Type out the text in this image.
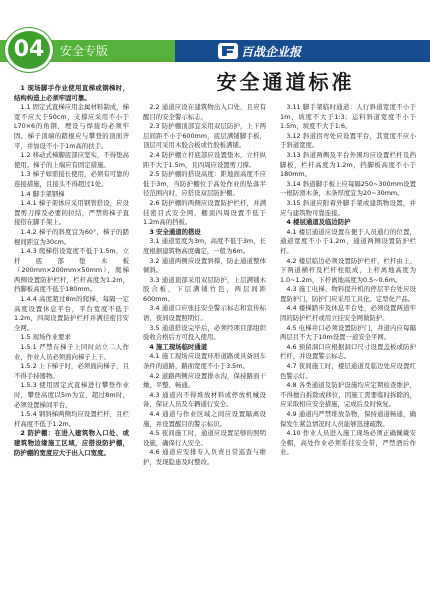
安全专版
04	百战企业报
安全通道标准

1 现场脚手作业使用直梯或钢梯时，结构构造上必须牢固可靠。

1.1 固定式直梯应用金属材料制成，梯宽不应大于50cm，支撑应采用不小于L70×6的角钢，埋设与焊接均必须牢固。梯子顶端的踏棍应与攀登的顶面齐平，并加设不小于1m高的扶手。

1.2 移动式梯脚底部应坚实，不得垫高使用。梯子的上端应有固定措施。

1.3 梯子如需接长使用，必须有可靠的连接措施，且接头不得超过1处。

1.4 脚手架钢梯

1.4.1 梯子架体应采用钢管搭设，应设置剪刀撑及必要的拉结，严禁将梯子直接搭在脚手架上。

1.4.2 梯子的斜度宜为60°，梯子的踏棍间距宜为30cm。

1.4.3 爬梯搭设宽度不低于1.5m，立杆底部垫木板（200mm×200mm×50mm），爬梯两侧设置防护栏杆，栏杆高度为1.2m，挡脚板高度不低于180mm。

1.4.4 高度超过8m的爬梯，每隔一定高度设置休息平台，平台宽度不低于1.2m，四周设置防护栏杆并满挂密目安全网。

1.5 现场作业要求

1.5.1 严禁在梯子上同时站立二人作业，作业人员必须面向梯子上下。

1.5.2 上下梯子时，必须面向梯子，且不得手持器物。

1.5.3 使用固定式直梯进行攀登作业时，攀登高度以5m为宜，超过8m时，必须设置梯间平台。

1.5.4 钢斜梯两侧均应设置栏杆，且栏杆高度不低于1.2m。

2 防护棚：在进入建筑物入口处、或建筑物边缘施工区域，应搭设防护棚，防护棚的宽度应大于出入口宽度。

2.2 通道应设在建筑物出入口处，且应有醒目的安全警示标志。

2.3 防护棚顶部宜采用双层防护，上下两层间距不小于600mm，底层满铺脚手板，顶层可采用木胶合板或竹胶板满铺。

2.4 防护棚立杆底部应设置垫木，立杆纵距不大于1.5m，且四周应设置剪刀撑。

2.5 防护棚的搭设高度：距地面高度不应低于3m，当防护棚位于高处作业的坠落半径范围内时，应搭设双层防护棚。

2.6 防护棚的两侧应设置防护栏杆，并满挂密目式安全网，棚顶四周设置不低于1.2m高的挡板。

3 安全通道的搭设

3.1 通道宽度为3m，高度不低于3m，长度根据建筑物高度确定，一般为6m。

3.2 通道两侧应设置斜撑，防止通道整体倾斜。

3.3 通道顶部采用双层防护，上层满铺木胶合板，下层满铺竹笆，两层间距600mm。

3.4 通道口应张挂安全警示标志和宣传标语，夜间设置照明灯。

3.5 通道搭设完毕后，必须经项目部组织验收合格后方可投入使用。

4 施工现场临时通道

4.1 施工现场应设置环形道路或具备回车条件的道路，路面宽度不小于3.5m。

4.2 道路两侧应设置排水沟，保持路面干燥、平整、畅通。

4.3 通道内不得堆放材料或停放机械设备，保证人员及车辆通行安全。

4.4 通道与作业区域之间应设置隔离设施，并设置醒目的警示标识。

4.5 夜间施工时，通道应设置足够的照明设施，确保行人安全。

4.6 通道应安排专人负责日常巡查与维护，发现隐患及时整改。

3.11 脚手架临时通道：人行斜道宽度不小于1m，坡度不大于1:3；运料斜道宽度不小于1.5m，坡度不大于1:6。

3.12 斜道拐弯处应设置平台，其宽度不应小于斜道宽度。

3.13 斜道两侧及平台外围均应设置栏杆及挡脚板，栏杆高度为1.2m，挡脚板高度不小于180mm。

3.14 斜道脚手板上应每隔250~300mm设置一根防滑木条，木条厚度宜为20~30mm。

3.15 斜道应附着外脚手架或建筑物设置，并应与建筑物可靠连接。

4 楼层通道及临边防护

4.1 楼层通道应设置在便于人员通行的位置，通道宽度不小于1.2m，通道两侧设置防护栏杆。

4.2 楼层临边必须设置防护栏杆，栏杆由上、下两道横杆及栏杆柱组成，上杆离地高度为1.0~1.2m，下杆离地高度为0.5~0.6m。

4.3 施工电梯、物料提升机的停层平台处应设置防护门，防护门应采用工具化、定型化产品。

4.4 楼梯踏步及休息平台处，必须设置两道牢固的防护栏杆或用立挂安全网做防护。

4.5 电梯井口必须设置防护门，井道内应每隔两层且不大于10m设置一道安全平网。

4.6 预留洞口应根据洞口尺寸设置盖板或防护栏杆，并设置警示标志。

4.7 夜间施工时，楼层通道及临边处应设置红色警示灯。

4.8 各类通道及防护设施均应定期检查维护，不得擅自拆除或移位，因施工需要临时拆除的，应采取相应安全措施，完成后及时恢复。

4.9 通道内严禁堆放杂物，保持通道畅通，确保发生紧急情况时人员能够迅速疏散。

4.10 作业人员进入施工现场必须正确佩戴安全帽，高处作业必须系挂安全带，严禁酒后作业。
